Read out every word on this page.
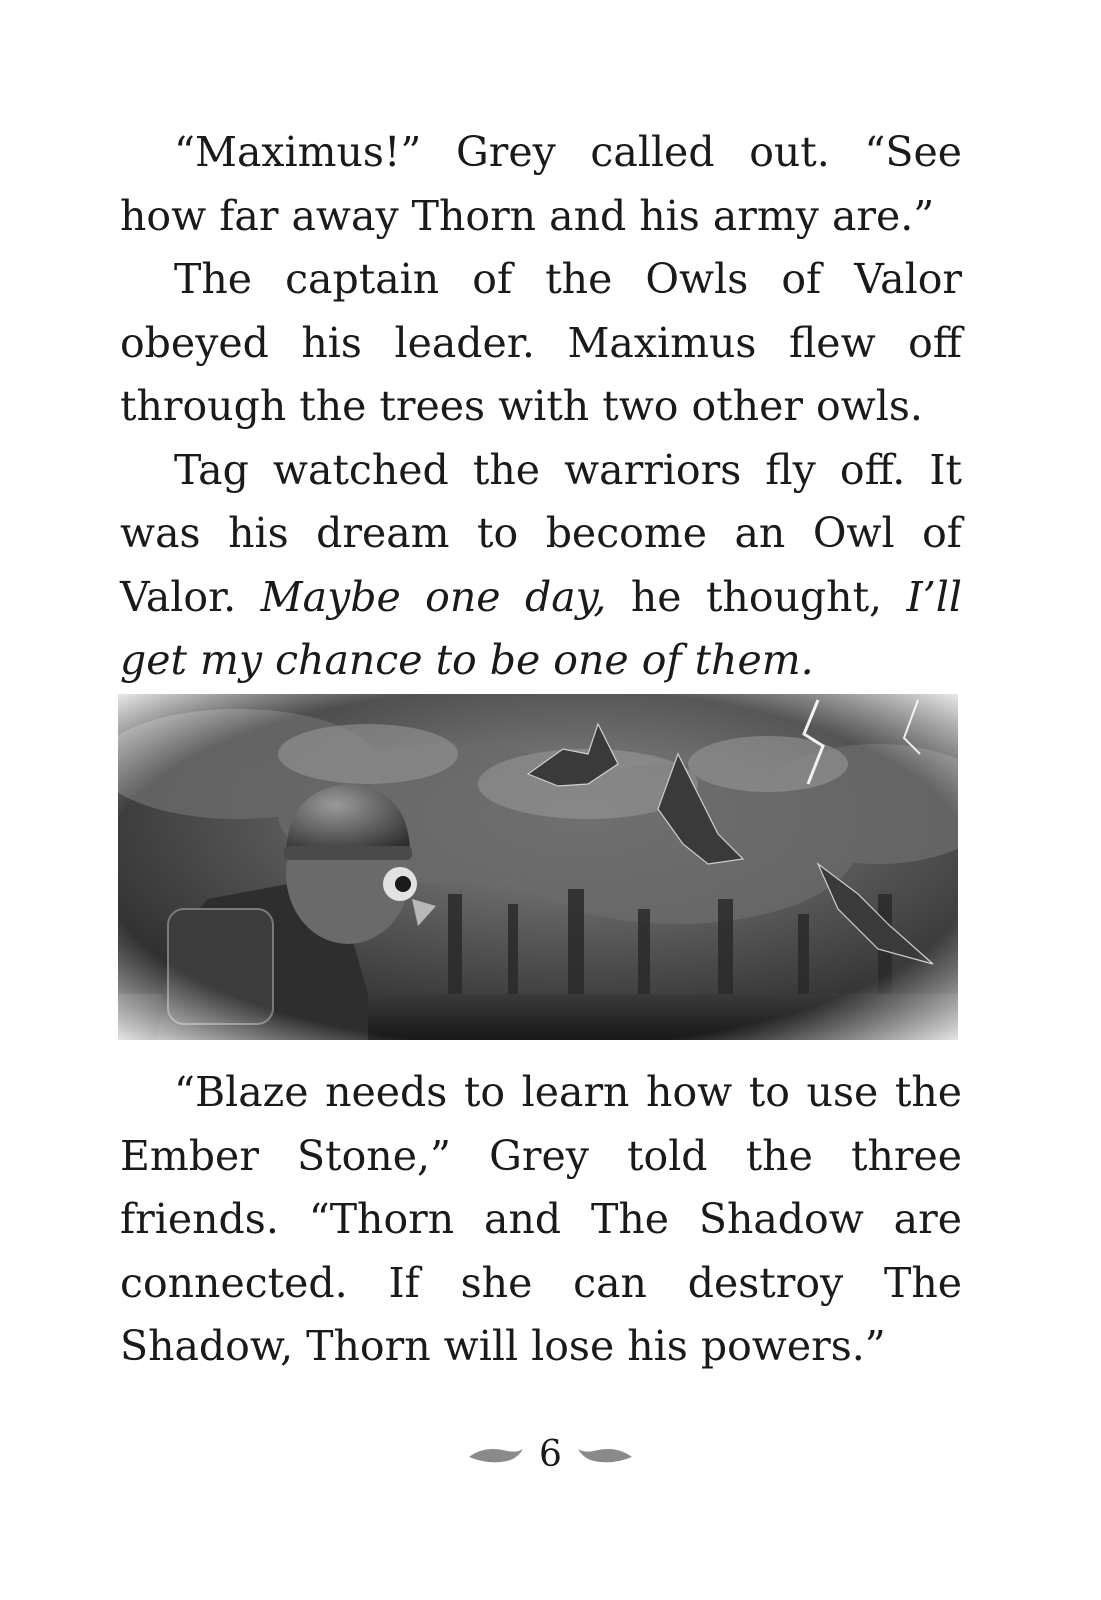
“Maximus!” Grey called out. “See how far away Thorn and his army are.”

The captain of the Owls of Valor obeyed his leader. Maximus flew off through the trees with two other owls.

Tag watched the warriors fly off. It was his dream to become an Owl of Valor. Maybe one day, he thought, I’ll get my chance to be one of them.

“Blaze needs to learn how to use the Ember Stone,” Grey told the three friends. “Thorn and The Shadow are connected. If she can destroy The Shadow, Thorn will lose his powers.”

6
